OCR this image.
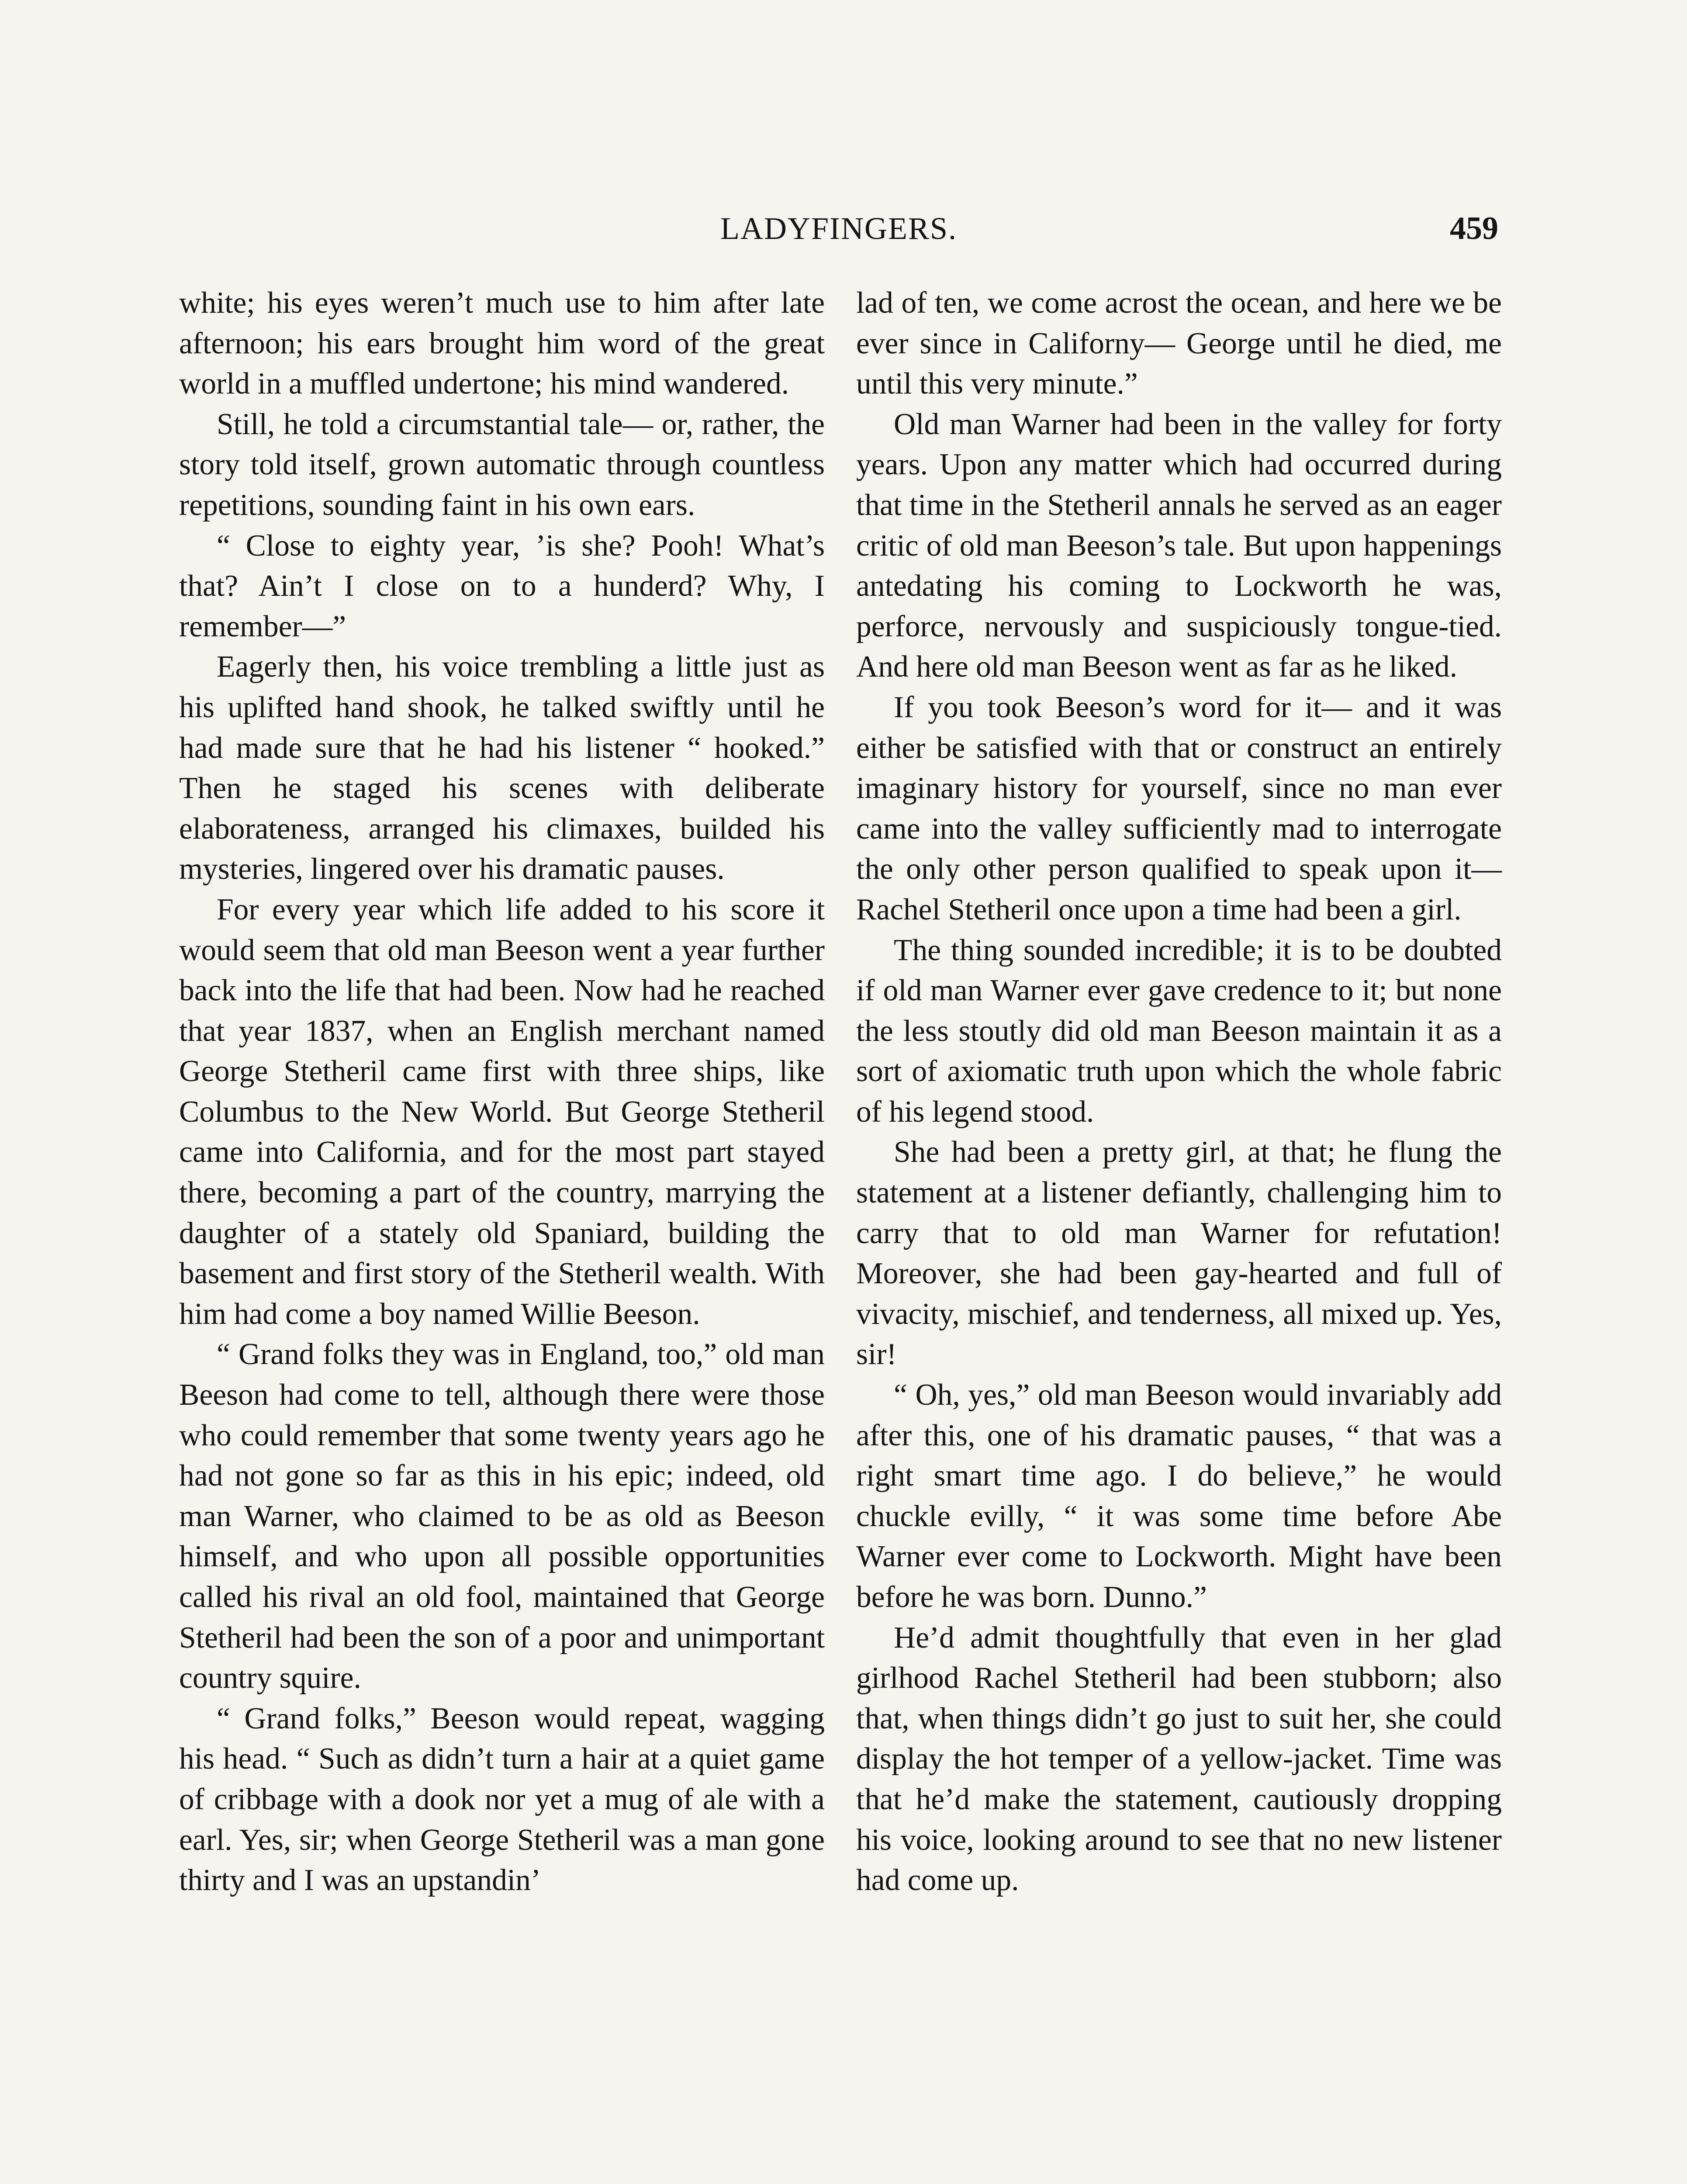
LADYFINGERS.	459

white; his eyes weren’t much use to him after late afternoon; his ears brought him word of the great world in a muffled undertone; his mind wandered.

Still, he told a circumstantial tale— or, rather, the story told itself, grown automatic through countless repetitions, sounding faint in his own ears.

“ Close to eighty year, ’is she? Pooh! What’s that? Ain’t I close on to a hunderd? Why, I remember—”

Eagerly then, his voice trembling a little just as his uplifted hand shook, he talked swiftly until he had made sure that he had his listener “ hooked.” Then he staged his scenes with deliberate elaborateness, arranged his climaxes, builded his mysteries, lingered over his dramatic pauses.

For every year which life added to his score it would seem that old man Beeson went a year further back into the life that had been. Now had he reached that year 1837, when an English merchant named George Stetheril came first with three ships, like Columbus to the New World. But George Stetheril came into California, and for the most part stayed there, becoming a part of the country, marrying the daughter of a stately old Spaniard, building the basement and first story of the Stetheril wealth. With him had come a boy named Willie Beeson.

“ Grand folks they was in England, too,” old man Beeson had come to tell, although there were those who could remember that some twenty years ago he had not gone so far as this in his epic; indeed, old man Warner, who claimed to be as old as Beeson himself, and who upon all possible opportunities called his rival an old fool, maintained that George Stetheril had been the son of a poor and unimportant country squire.

“ Grand folks,” Beeson would repeat, wagging his head. “ Such as didn’t turn a hair at a quiet game of cribbage with a dook nor yet a mug of ale with a earl. Yes, sir; when George Stetheril was a man gone thirty and I was an upstandin’

lad of ten, we come acrost the ocean, and here we be ever since in Californy— George until he died, me until this very minute.”

Old man Warner had been in the valley for forty years. Upon any matter which had occurred during that time in the Stetheril annals he served as an eager critic of old man Beeson’s tale. But upon happenings antedating his coming to Lockworth he was, perforce, nervously and suspiciously tongue-tied. And here old man Beeson went as far as he liked.

If you took Beeson’s word for it— and it was either be satisfied with that or construct an entirely imaginary history for yourself, since no man ever came into the valley sufficiently mad to interrogate the only other person qualified to speak upon it—Rachel Stetheril once upon a time had been a girl.

The thing sounded incredible; it is to be doubted if old man Warner ever gave credence to it; but none the less stoutly did old man Beeson maintain it as a sort of axiomatic truth upon which the whole fabric of his legend stood.

She had been a pretty girl, at that; he flung the statement at a listener defiantly, challenging him to carry that to old man Warner for refutation! Moreover, she had been gay-hearted and full of vivacity, mischief, and tenderness, all mixed up. Yes, sir!

“ Oh, yes,” old man Beeson would invariably add after this, one of his dramatic pauses, “ that was a right smart time ago. I do believe,” he would chuckle evilly, “ it was some time before Abe Warner ever come to Lockworth. Might have been before he was born. Dunno.”

He’d admit thoughtfully that even in her glad girlhood Rachel Stetheril had been stubborn; also that, when things didn’t go just to suit her, she could display the hot temper of a yellow-jacket. Time was that he’d make the statement, cautiously dropping his voice, looking around to see that no new listener had come up.
